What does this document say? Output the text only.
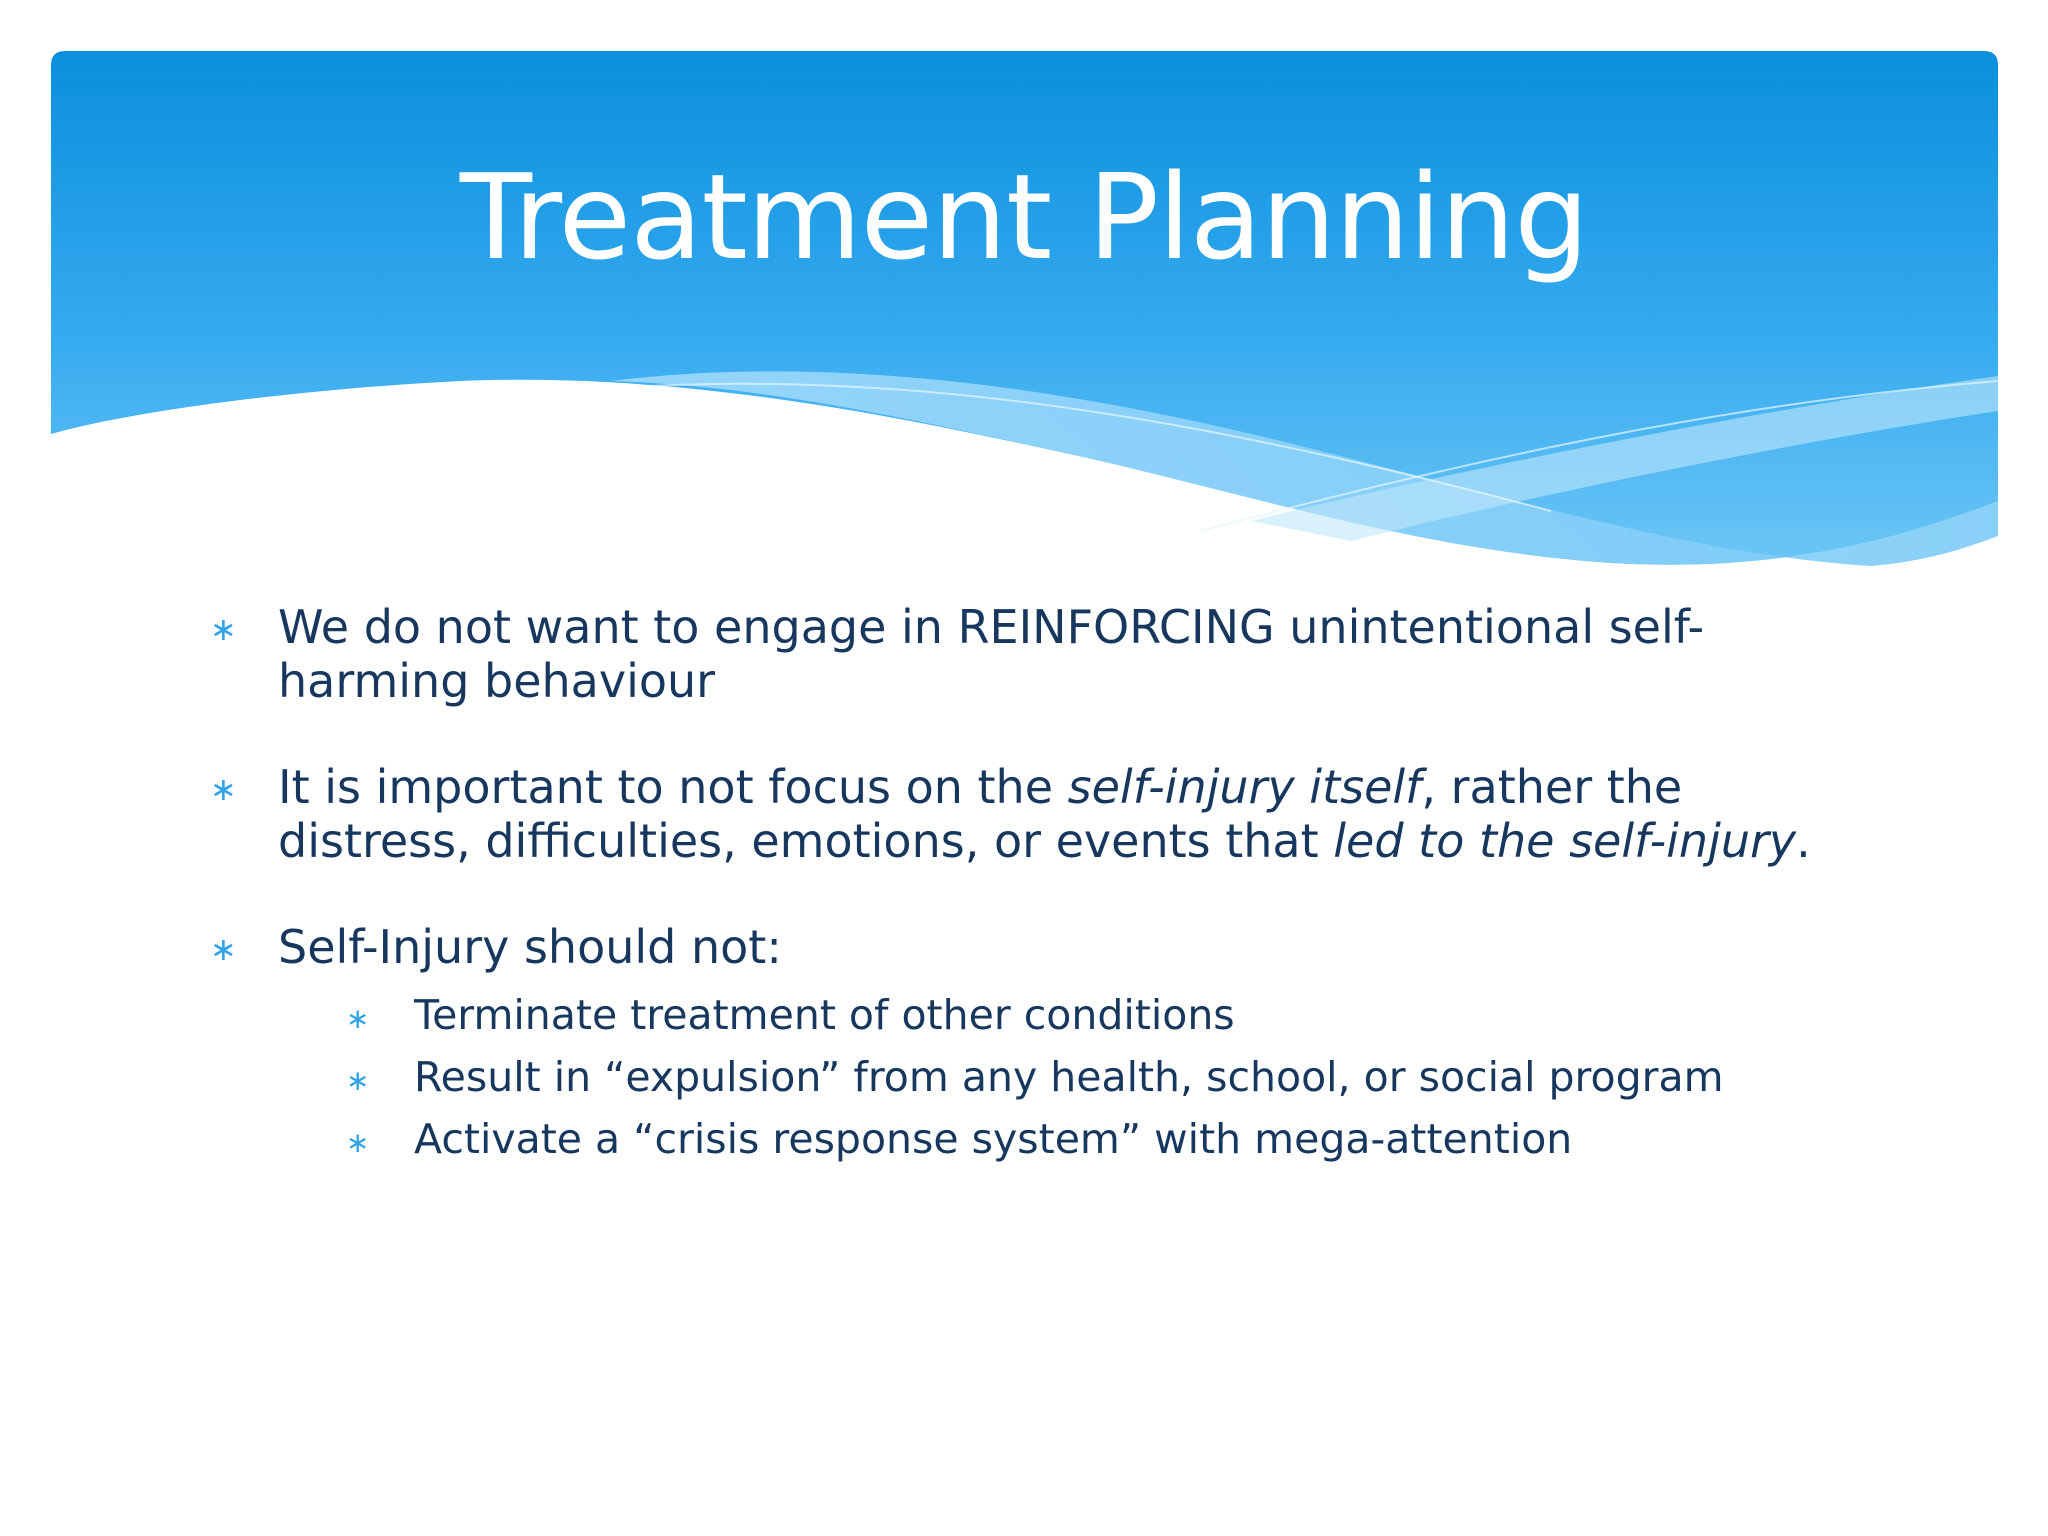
Treatment Planning
∗ We do not want to engage in REINFORCING unintentional self-harming behaviour
∗ It is important to not focus on the self-injury itself, rather the distress, difficulties, emotions, or events that led to the self-injury.
∗ Self-Injury should not:
∗ Terminate treatment of other conditions
∗ Result in “expulsion” from any health, school, or social program
∗ Activate a “crisis response system” with mega-attention
